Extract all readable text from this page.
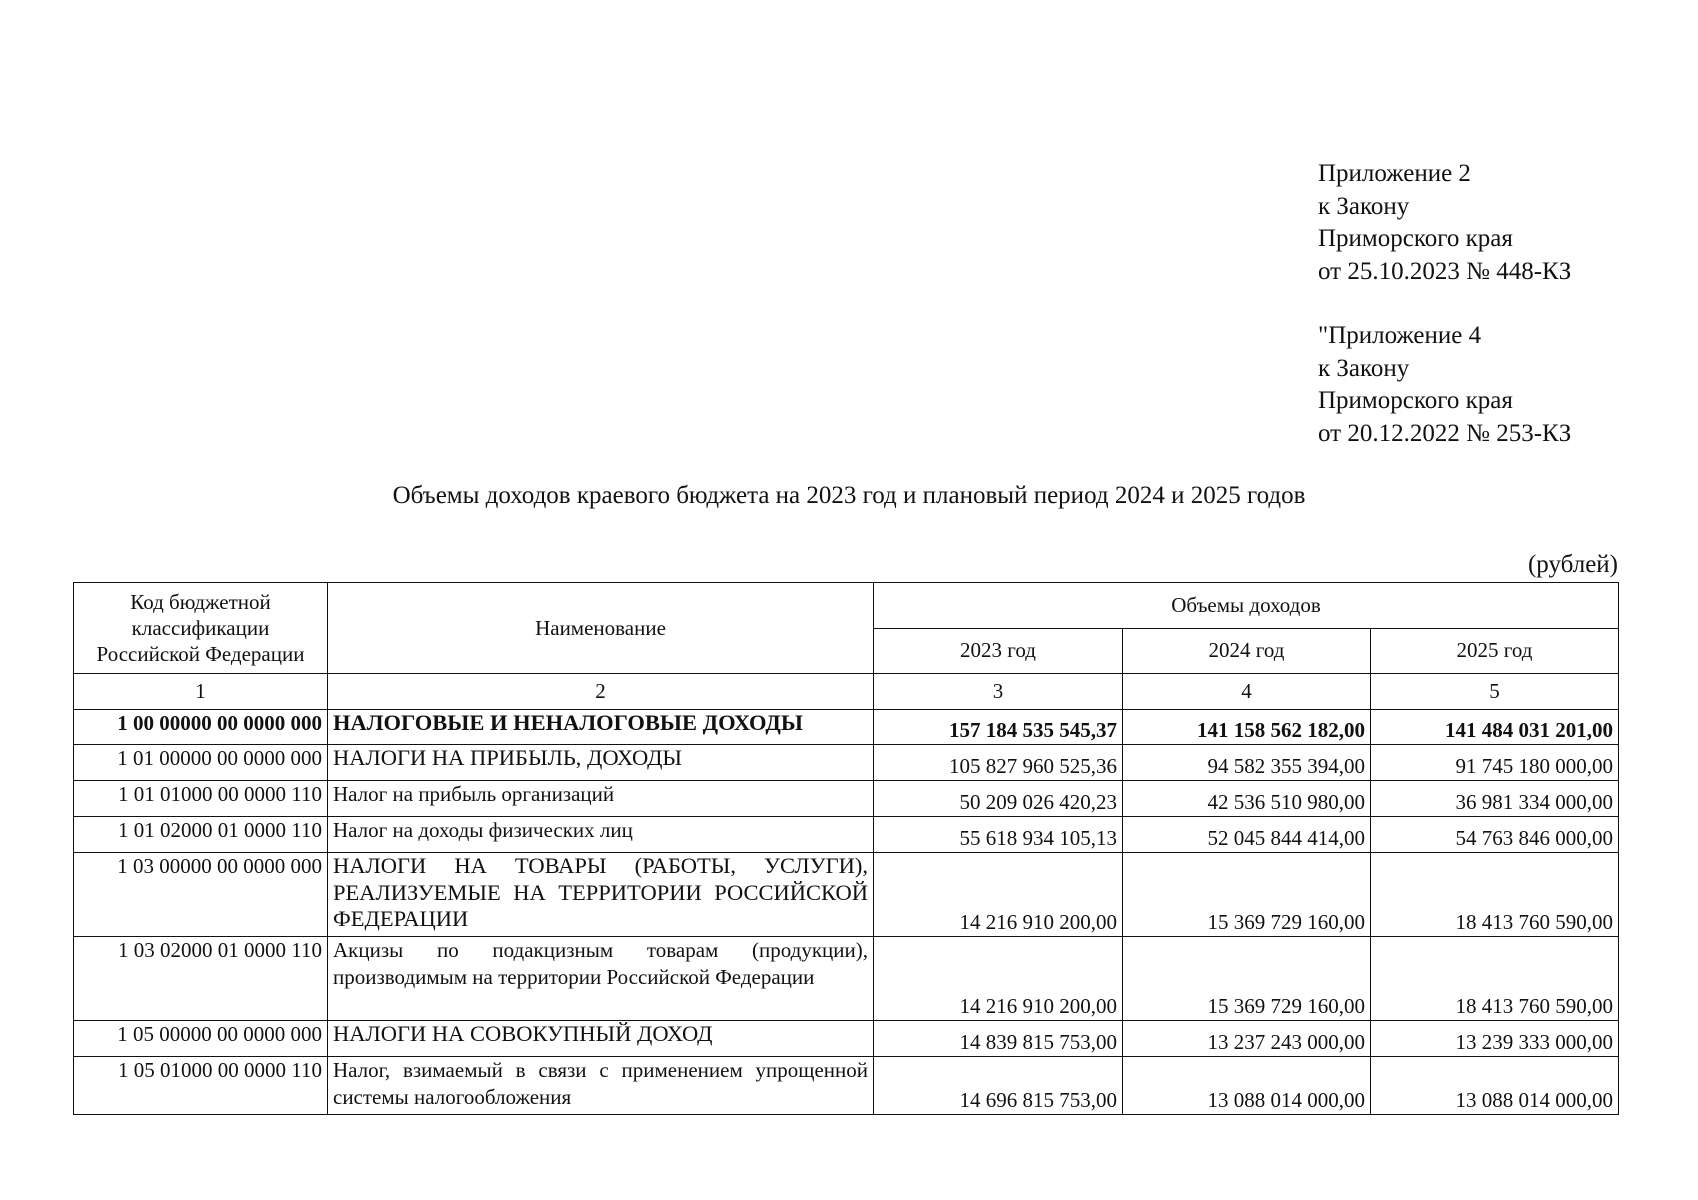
Приложение 2
к Закону
Приморского края
от 25.10.2023 № 448-КЗ
"Приложение 4
к Закону
Приморского края
от 20.12.2022 № 253-КЗ
Объемы доходов краевого бюджета на 2023 год и плановый период 2024 и 2025 годов
(рублей)
Код бюджетной классификации Российской Федерации	Наименование	Объемы доходов		
		2023 год	2024 год	2025 год
1	2	3	4	5
1 00 00000 00 0000 000	НАЛОГОВЫЕ И НЕНАЛОГОВЫЕ ДОХОДЫ	157 184 535 545,37	141 158 562 182,00	141 484 031 201,00
1 01 00000 00 0000 000	НАЛОГИ НА ПРИБЫЛЬ, ДОХОДЫ	105 827 960 525,36	94 582 355 394,00	91 745 180 000,00
1 01 01000 00 0000 110	Налог на прибыль организаций	50 209 026 420,23	42 536 510 980,00	36 981 334 000,00
1 01 02000 01 0000 110	Налог на доходы физических лиц	55 618 934 105,13	52 045 844 414,00	54 763 846 000,00
1 03 00000 00 0000 000	НАЛОГИ НА ТОВАРЫ (РАБОТЫ, УСЛУГИ), РЕАЛИЗУЕМЫЕ НА ТЕРРИТОРИИ РОССИЙСКОЙ ФЕДЕРАЦИИ	14 216 910 200,00	15 369 729 160,00	18 413 760 590,00
1 03 02000 01 0000 110	Акцизы по подакцизным товарам (продукции), производимым на территории Российской Федерации	14 216 910 200,00	15 369 729 160,00	18 413 760 590,00
1 05 00000 00 0000 000	НАЛОГИ НА СОВОКУПНЫЙ ДОХОД	14 839 815 753,00	13 237 243 000,00	13 239 333 000,00
1 05 01000 00 0000 110	Налог, взимаемый в связи с применением упрощенной системы налогообложения	14 696 815 753,00	13 088 014 000,00	13 088 014 000,00
